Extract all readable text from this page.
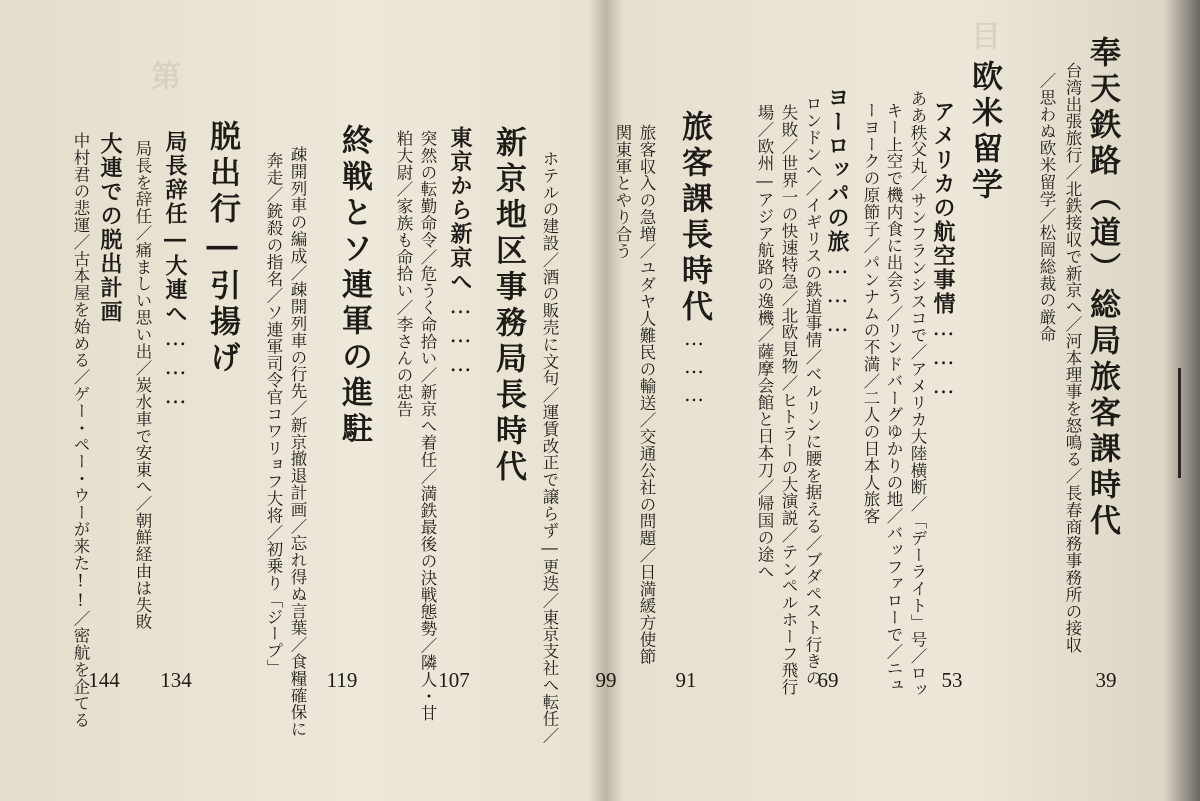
目
第	奉天鉄路（道）総局旅客課時代
台湾出張旅行／北鉄接収で新京へ／河本理事を怒鳴る／長春商務事務所の接収
／思わぬ欧米留学／松岡総裁の厳命
39
欧米留学
アメリカの航空事情………
ああ秩父丸／サンフランシスコで／アメリカ大陸横断／「デーライト」号／ロッ
キー上空で機内食に出会う／リンドバーグゆかりの地／バッファローで／ニュ
ーヨークの原節子／パンナムの不満／二人の日本人旅客
53
ヨーロッパの旅………
ロンドンへ／イギリスの鉄道事情／ベルリンに腰を据える／ブダペスト行きの
失敗／世界一の快速特急／北欧見物／ヒトラーの大演説／テンペルホーフ飛行
場／欧州―アジア航路の逸機／薩摩会館と日本刀／帰国の途へ
69
旅客課長時代………
旅客収入の急増／ユダヤ人難民の輸送／交通公社の問題／日満緩方使節
関東軍とやり合う
91
99
ホテルの建設／酒の販売に文句／運賃改正で譲らず―更迭／東京支社へ転任／
新京地区事務局長時代
107
東京から新京へ………
突然の転勤命令／危うく命拾い／新京へ着任／満鉄最後の決戦態勢／隣人・甘
粕大尉／家族も命拾い／李さんの忠告
終戦とソ連軍の進駐
119
疎開列車の編成／疎開列車の行先／新京撤退計画／忘れ得ぬ言葉／食糧確保に
奔走／銃殺の指名／ソ連軍司令官コワリョフ大将／初乗り「ジープ」
脱出行―引揚げ
134
局長辞任―大連へ………
局長を辞任／痛ましい思い出／炭水車で安東へ／朝鮮経由は失敗
144
大連での脱出計画
中村君の悲運／古本屋を始める／ゲー・ペー・ウーが来た!!／密航を企てる
